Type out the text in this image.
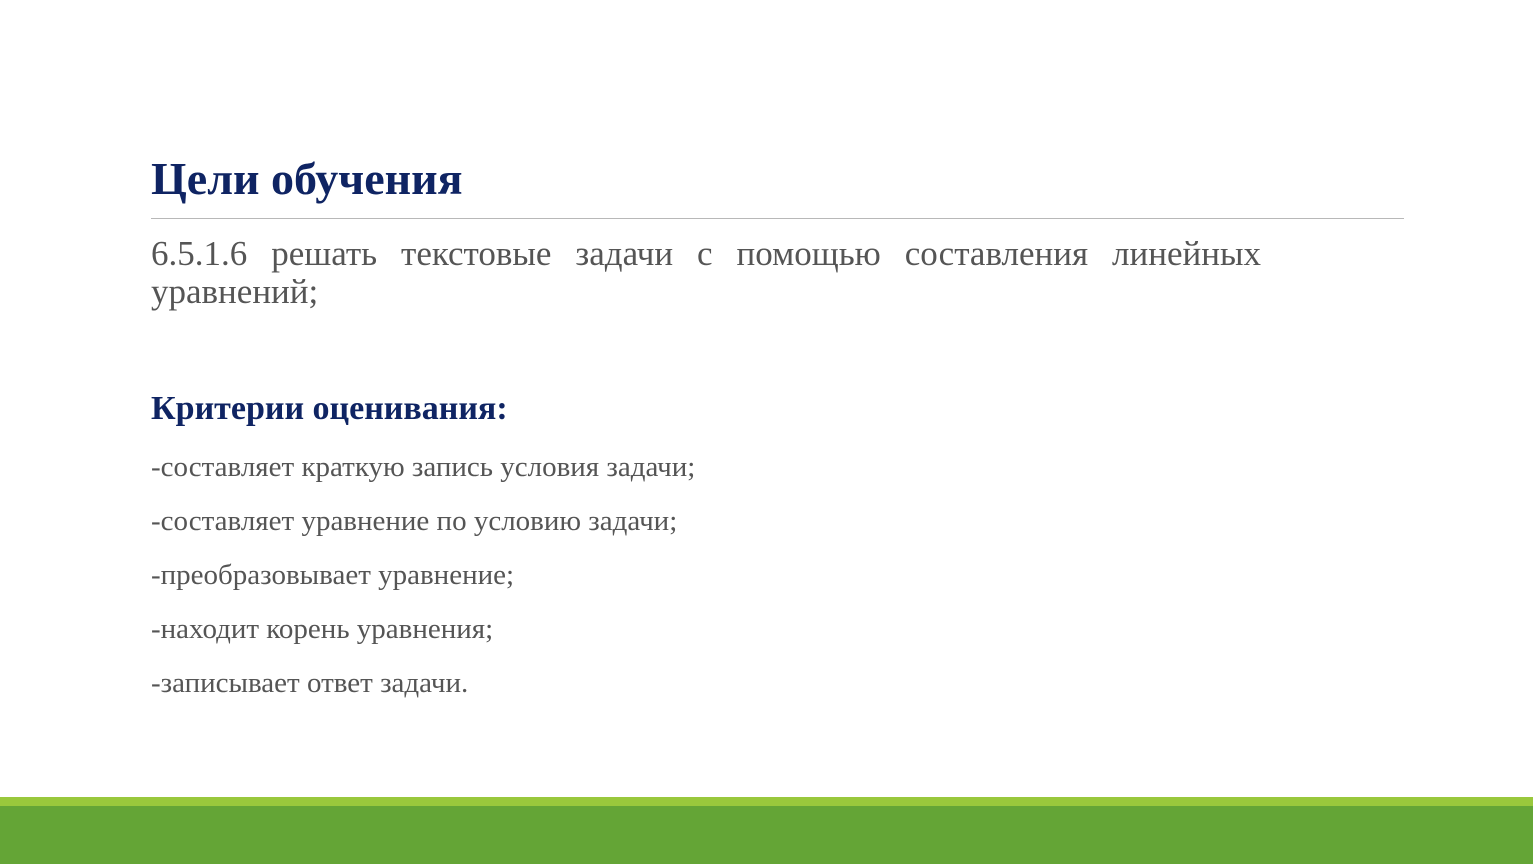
Цели обучения

6.5.1.6 решать текстовые задачи с помощью составления линейных уравнений;

Критерии оценивания:
-составляет краткую запись условия задачи;
-составляет уравнение по условию задачи;
-преобразовывает уравнение;
-находит корень уравнения;
-записывает ответ задачи.
